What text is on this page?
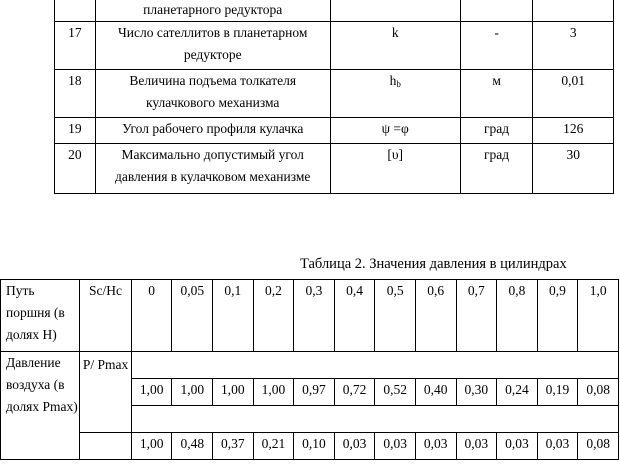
	планетарного редуктора			
17	Число сателлитов в планетарном редукторе	k	-	3
18	Величина подъема толкателя кулачкового механизма	$h_b$	м	0,01
19	Угол рабочего профиля кулачка	ψ =φ	град	126
20	Максимально допустимый угол давления в кулачковом механизме	[υ]	град	30
Таблица 2. Значения давления в цилиндрах
Путь поршня (в долях H)	Sc/Hc	0	0,05	0,1	0,2	0,3	0,4	0,5	0,6	0,7	0,8	0,9	1,0
Давление воздуха (в долях Pmax)	P/ Pmax												
		1,00	1,00	1,00	1,00	0,97	0,72	0,52	0,40	0,30	0,24	0,19	0,08

		1,00	0,48	0,37	0,21	0,10	0,03	0,03	0,03	0,03	0,03	0,03	0,08
